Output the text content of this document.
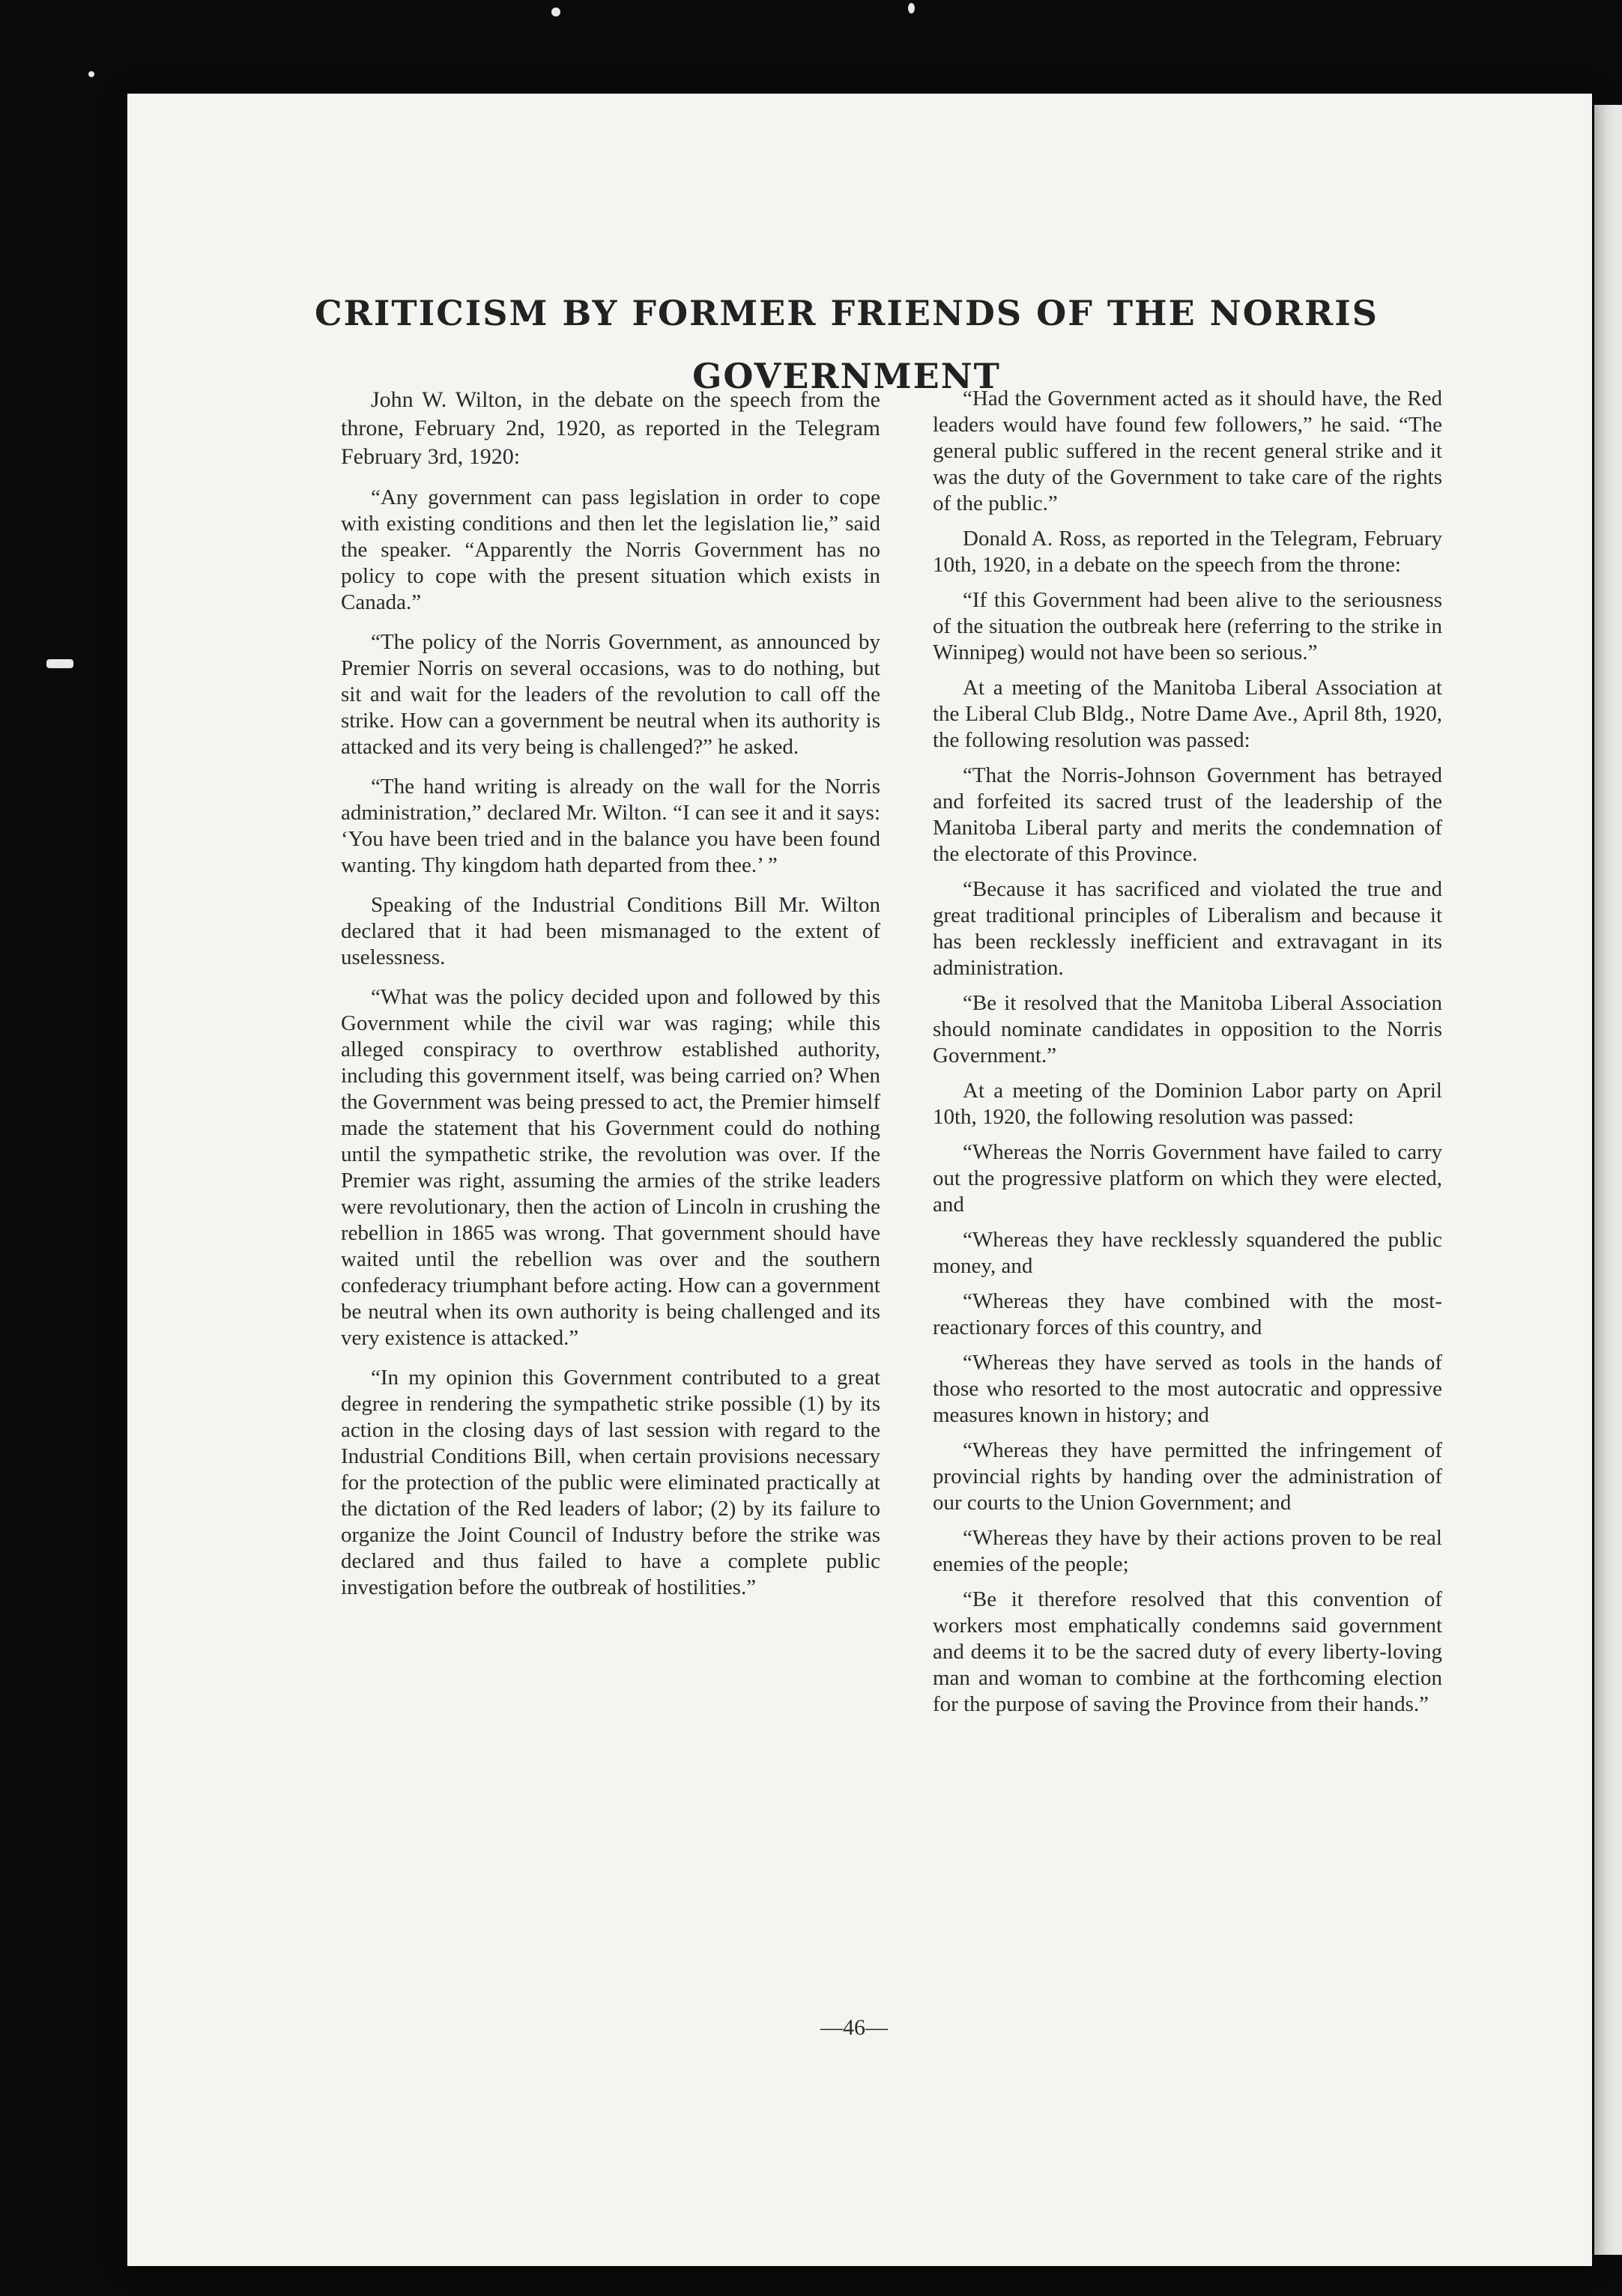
CRITICISM BY FORMER FRIENDS OF THE NORRIS GOVERNMENT

John W. Wilton, in the debate on the speech from the throne, February 2nd, 1920, as reported in the Telegram February 3rd, 1920:

“Any government can pass legislation in order to cope with existing conditions and then let the legislation lie,” said the speaker. “Apparently the Norris Government has no policy to cope with the present situation which exists in Canada.”

“The policy of the Norris Government, as announced by Premier Norris on several occasions, was to do nothing, but sit and wait for the leaders of the revolution to call off the strike. How can a government be neutral when its authority is attacked and its very being is challenged?” he asked.

“The hand writing is already on the wall for the Norris administration,” declared Mr. Wilton. “I can see it and it says: ‘You have been tried and in the balance you have been found wanting. Thy kingdom hath departed from thee.’ ”

Speaking of the Industrial Conditions Bill Mr. Wilton declared that it had been mismanaged to the extent of uselessness.

“What was the policy decided upon and followed by this Government while the civil war was raging; while this alleged conspiracy to overthrow established authority, including this government itself, was being carried on? When the Government was being pressed to act, the Premier himself made the statement that his Government could do nothing until the sympathetic strike, the revolution was over. If the Premier was right, assuming the armies of the strike leaders were revolutionary, then the action of Lincoln in crushing the rebellion in 1865 was wrong. That government should have waited until the rebellion was over and the southern confederacy triumphant before acting. How can a government be neutral when its own authority is being challenged and its very existence is attacked.”

“In my opinion this Government contributed to a great degree in rendering the sympathetic strike possible (1) by its action in the closing days of last session with regard to the Industrial Conditions Bill, when certain provisions necessary for the protection of the public were eliminated practically at the dictation of the Red leaders of labor; (2) by its failure to organize the Joint Council of Industry before the strike was declared and thus failed to have a complete public investigation before the outbreak of hostilities.”

“Had the Government acted as it should have, the Red leaders would have found few followers,” he said. “The general public suffered in the recent general strike and it was the duty of the Government to take care of the rights of the public.”

Donald A. Ross, as reported in the Telegram, February 10th, 1920, in a debate on the speech from the throne:

“If this Government had been alive to the seriousness of the situation the outbreak here (referring to the strike in Winnipeg) would not have been so serious.”

At a meeting of the Manitoba Liberal Association at the Liberal Club Bldg., Notre Dame Ave., April 8th, 1920, the following resolution was passed:

“That the Norris-Johnson Government has betrayed and forfeited its sacred trust of the leadership of the Manitoba Liberal party and merits the condemnation of the electorate of this Province.

“Because it has sacrificed and violated the true and great traditional principles of Liberalism and because it has been recklessly inefficient and extravagant in its administration.

“Be it resolved that the Manitoba Liberal Association should nominate candidates in opposition to the Norris Government.”

At a meeting of the Dominion Labor party on April 10th, 1920, the following resolution was passed:

“Whereas the Norris Government have failed to carry out the progressive platform on which they were elected, and

“Whereas they have recklessly squandered the public money, and

“Whereas they have combined with the most-reactionary forces of this country, and

“Whereas they have served as tools in the hands of those who resorted to the most autocratic and oppressive measures known in history; and

“Whereas they have permitted the infringement of provincial rights by handing over the administration of our courts to the Union Government; and

“Whereas they have by their actions proven to be real enemies of the people;

“Be it therefore resolved that this convention of workers most emphatically condemns said government and deems it to be the sacred duty of every liberty-loving man and woman to combine at the forthcoming election for the purpose of saving the Province from their hands.”

—46—
